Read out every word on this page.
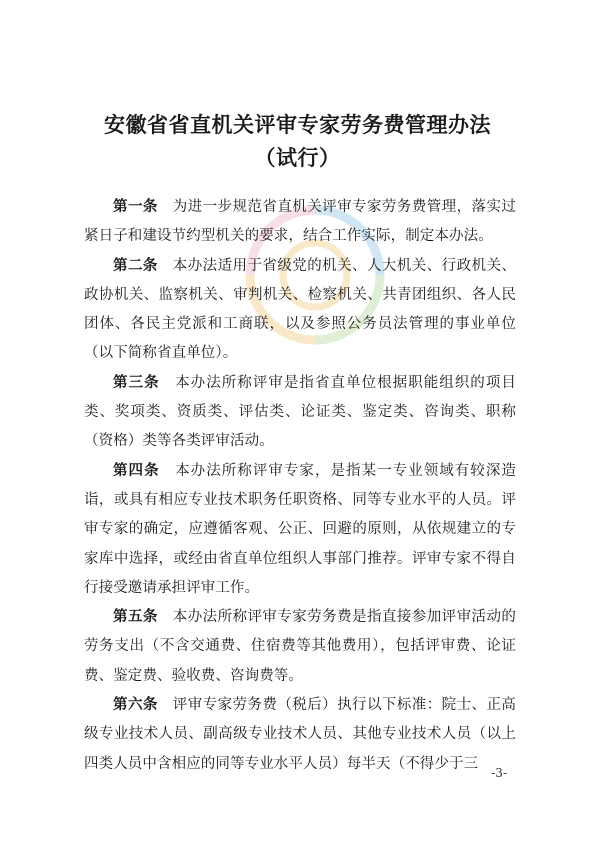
安徽省省直机关评审专家劳务费管理办法
（试行）

第一条　为进一步规范省直机关评审专家劳务费管理，落实过紧日子和建设节约型机关的要求，结合工作实际，制定本办法。

第二条　本办法适用于省级党的机关、人大机关、行政机关、政协机关、监察机关、审判机关、检察机关、共青团组织、各人民团体、各民主党派和工商联，以及参照公务员法管理的事业单位（以下简称省直单位）。

第三条　本办法所称评审是指省直单位根据职能组织的项目类、奖项类、资质类、评估类、论证类、鉴定类、咨询类、职称（资格）类等各类评审活动。

第四条　本办法所称评审专家，是指某一专业领域有较深造诣，或具有相应专业技术职务任职资格、同等专业水平的人员。评审专家的确定，应遵循客观、公正、回避的原则，从依规建立的专家库中选择，或经由省直单位组织人事部门推荐。评审专家不得自行接受邀请承担评审工作。

第五条　本办法所称评审专家劳务费是指直接参加评审活动的劳务支出（不含交通费、住宿费等其他费用），包括评审费、论证费、鉴定费、验收费、咨询费等。

第六条　评审专家劳务费（税后）执行以下标准：院士、正高级专业技术人员、副高级专业技术人员、其他专业技术人员（以上四类人员中含相应的同等专业水平人员）每半天（不得少于三

-3-
